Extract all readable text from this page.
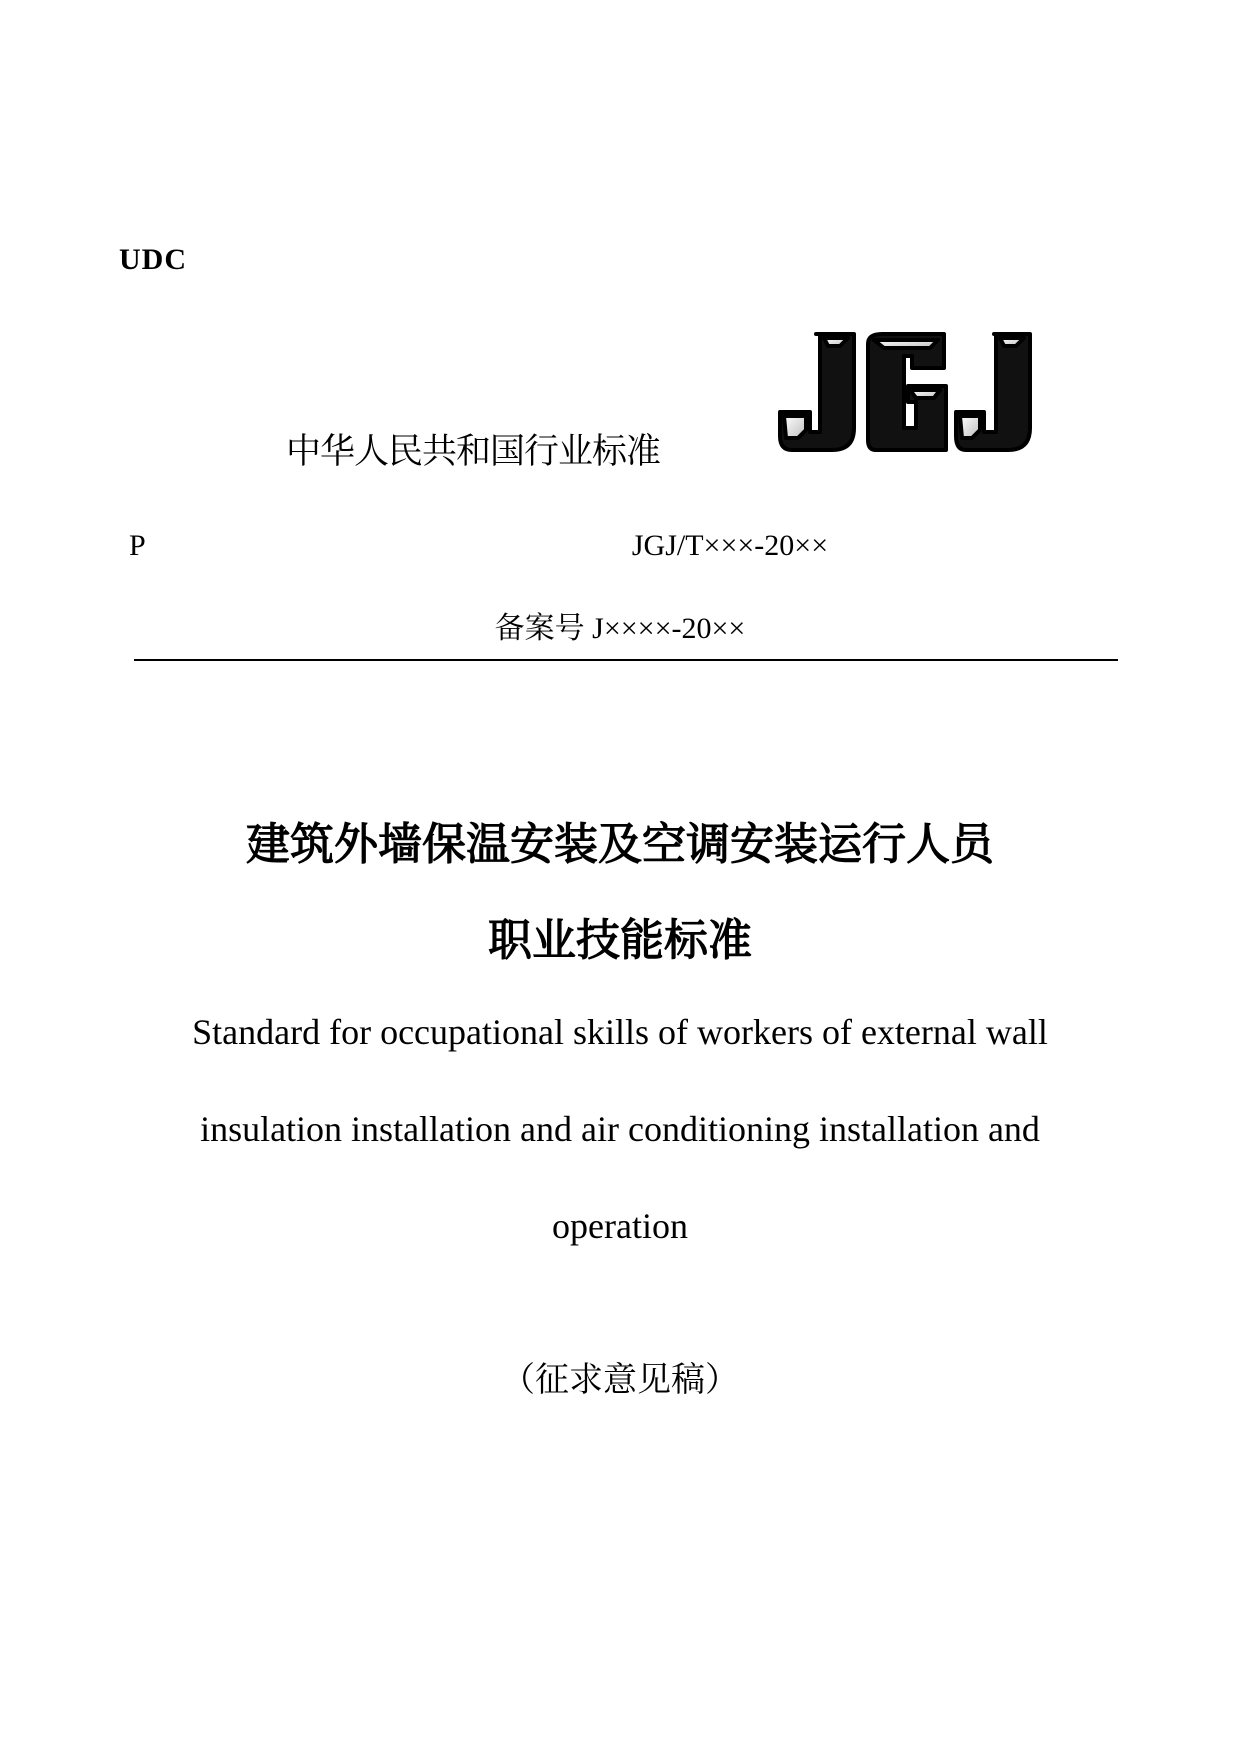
UDC
中华人民共和国行业标准
P	JGJ/T×××-20××
备案号 J××××-20××
建筑外墙保温安装及空调安装运行人员
职业技能标准
Standard for occupational skills of workers of external wall
insulation installation and air conditioning installation and
operation
（征求意见稿）
